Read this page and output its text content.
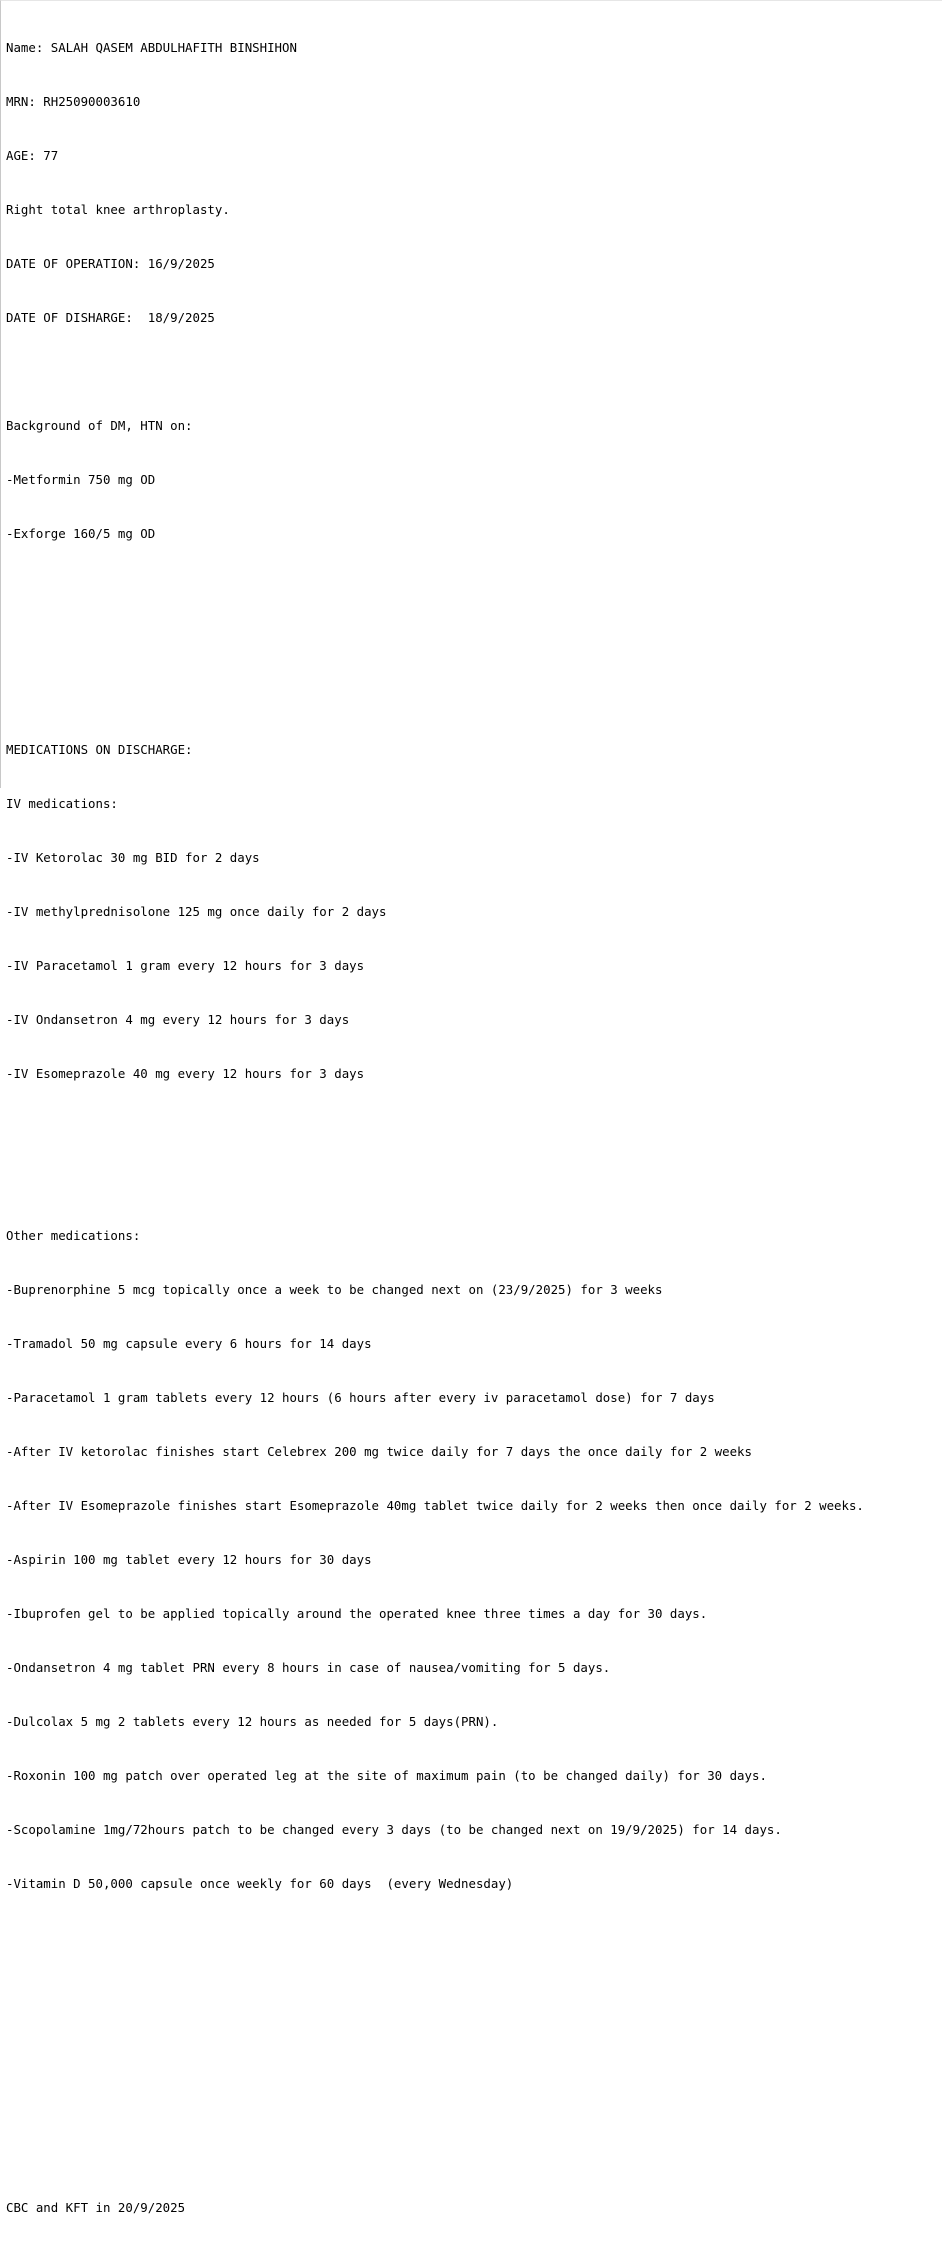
Name: SALAH QASEM ABDULHAFITH BINSHIHON

MRN: RH25090003610

AGE: 77

Right total knee arthroplasty.

DATE OF OPERATION: 16/9/2025

DATE OF DISHARGE:  18/9/2025

Background of DM, HTN on:

-Metformin 750 mg OD

-Exforge 160/5 mg OD

MEDICATIONS ON DISCHARGE:

IV medications:

-IV Ketorolac 30 mg BID for 2 days

-IV methylprednisolone 125 mg once daily for 2 days

-IV Paracetamol 1 gram every 12 hours for 3 days

-IV Ondansetron 4 mg every 12 hours for 3 days

-IV Esomeprazole 40 mg every 12 hours for 3 days

Other medications:

-Buprenorphine 5 mcg topically once a week to be changed next on (23/9/2025) for 3 weeks

-Tramadol 50 mg capsule every 6 hours for 14 days

-Paracetamol 1 gram tablets every 12 hours (6 hours after every iv paracetamol dose) for 7 days

-After IV ketorolac finishes start Celebrex 200 mg twice daily for 7 days the once daily for 2 weeks

-After IV Esomeprazole finishes start Esomeprazole 40mg tablet twice daily for 2 weeks then once daily for 2 weeks.

-Aspirin 100 mg tablet every 12 hours for 30 days

-Ibuprofen gel to be applied topically around the operated knee three times a day for 30 days.

-Ondansetron 4 mg tablet PRN every 8 hours in case of nausea/vomiting for 5 days.

-Dulcolax 5 mg 2 tablets every 12 hours as needed for 5 days(PRN).

-Roxonin 100 mg patch over operated leg at the site of maximum pain (to be changed daily) for 30 days.

-Scopolamine 1mg/72hours patch to be changed every 3 days (to be changed next on 19/9/2025) for 14 days.

-Vitamin D 50,000 capsule once weekly for 60 days  (every Wednesday)

CBC and KFT in 20/9/2025
